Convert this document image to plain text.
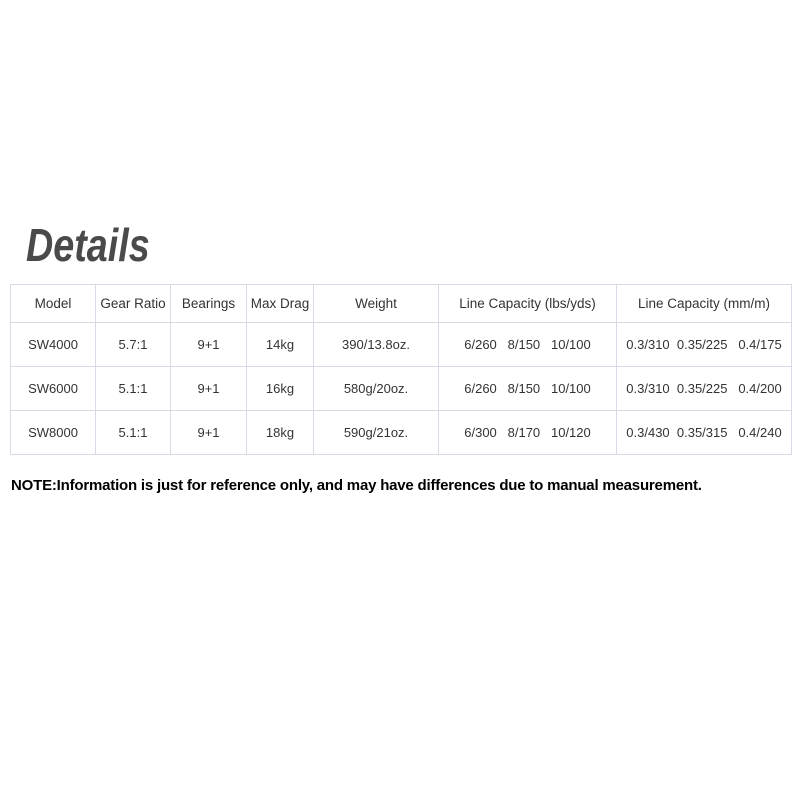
Details
Model	Gear Ratio	Bearings	Max Drag	Weight	Line Capacity (lbs/yds)	Line Capacity (mm/m)
SW4000	5.7:1	9+1	14kg	390/13.8oz.	6/260   8/150   10/100	0.3/310  0.35/225   0.4/175
SW6000	5.1:1	9+1	16kg	580g/20oz.	6/260   8/150   10/100	0.3/310  0.35/225   0.4/200
SW8000	5.1:1	9+1	18kg	590g/21oz.	6/300   8/170   10/120	0.3/430  0.35/315   0.4/240
NOTE:Information is just for reference only, and may have differences due to manual measurement.
